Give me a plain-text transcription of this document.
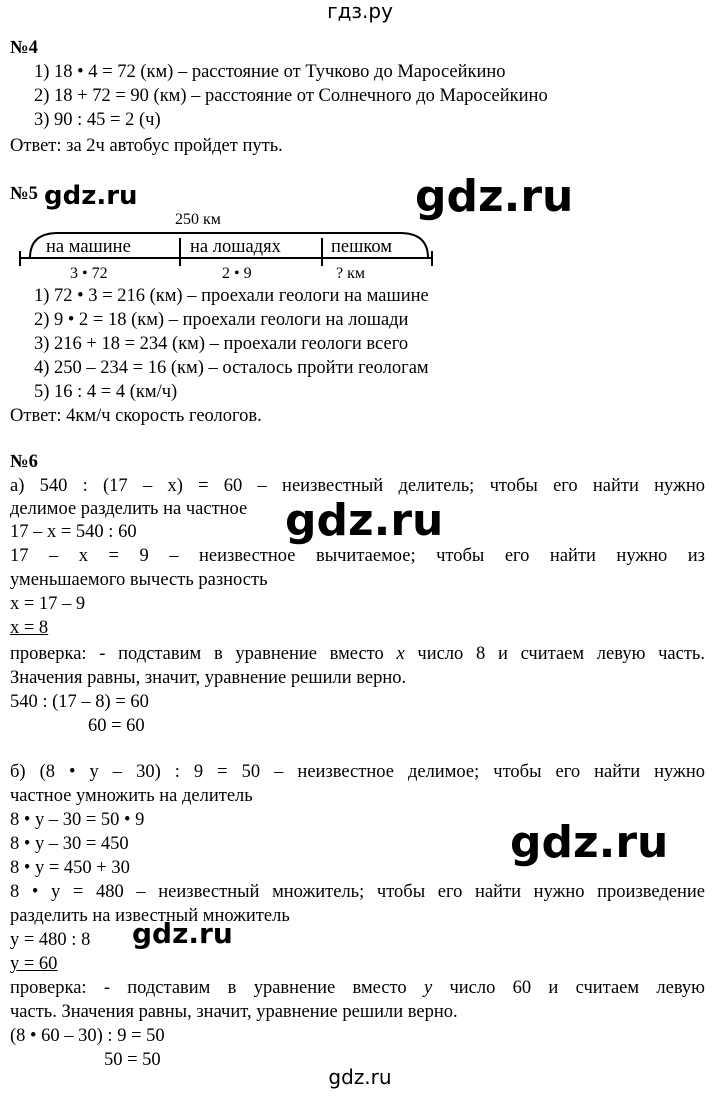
гдз.ру
№4
1) 18 • 4 = 72 (км) – расстояние от Тучково до Маросейкино
2) 18 + 72 = 90 (км) – расстояние от Солнечного до Маросейкино
3) 90 : 45 = 2 (ч)
Ответ: за 2ч автобус пройдет путь.
№5 gdz.ru	gdz.ru
250 км
на машине	на лошадях	пешком
3 • 72	2 • 9	? км
1) 72 • 3 = 216 (км) – проехали геологи на машине
2) 9 • 2 = 18 (км) – проехали геологи на лошади
3) 216 + 18 = 234 (км) – проехали геологи всего
4) 250 – 234 = 16 (км) – осталось пройти геологам
5) 16 : 4 = 4 (км/ч)
Ответ: 4км/ч скорость геологов.
№6
а) 540 : (17 – х) = 60 – неизвестный делитель; чтобы его найти нужно
делимое разделить на частное gdz.ru
17 – х = 540 : 60
17 – х = 9 – неизвестное вычитаемое; чтобы его найти нужно из
уменьшаемого вычесть разность
х = 17 – 9
х = 8
проверка: - подставим в уравнение вместо х число 8 и считаем левую часть.
Значения равны, значит, уравнение решили верно.
540 : (17 – 8) = 60
60 = 60
б) (8 • у – 30) : 9 = 50 – неизвестное делимое; чтобы его найти нужно
частное умножить на делитель
8 • у – 30 = 50 • 9
8 • у – 30 = 450	gdz.ru
8 • у = 450 + 30
8 • у = 480 – неизвестный множитель; чтобы его найти нужно произведение
разделить на известный множитель
у = 480 : 8 gdz.ru
у = 60
проверка: - подставим в уравнение вместо у число 60 и считаем левую
часть. Значения равны, значит, уравнение решили верно.
(8 • 60 – 30) : 9 = 50
50 = 50
gdz.ru
